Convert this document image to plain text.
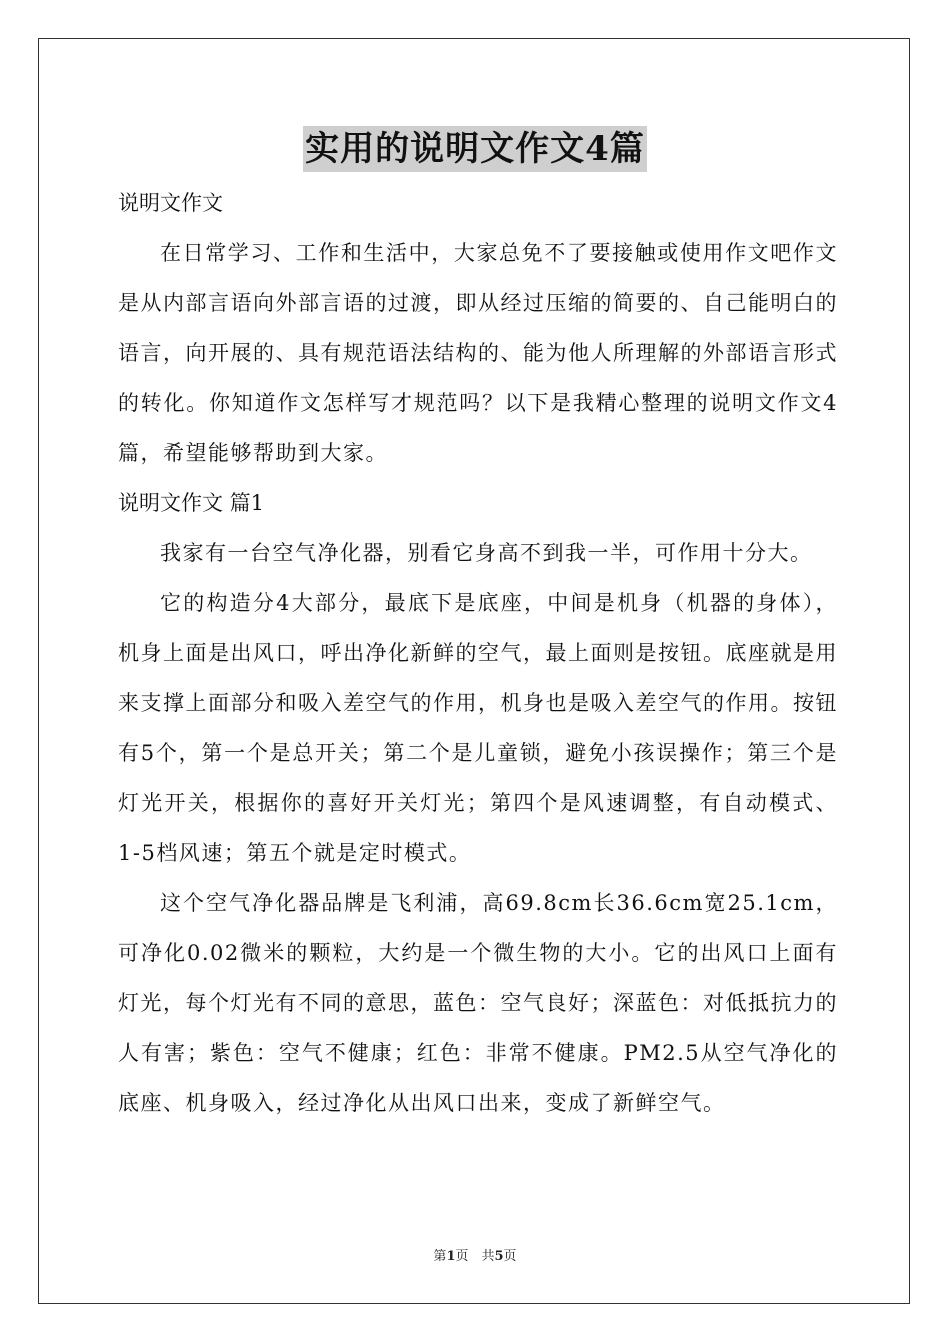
实用的说明文作文4篇

说明文作文

在日常学习、工作和生活中，大家总免不了要接触或使用作文吧作文是从内部言语向外部言语的过渡，即从经过压缩的简要的、自己能明白的语言，向开展的、具有规范语法结构的、能为他人所理解的外部语言形式的转化。你知道作文怎样写才规范吗？以下是我精心整理的说明文作文4篇，希望能够帮助到大家。

说明文作文 篇1

我家有一台空气净化器，别看它身高不到我一半，可作用十分大。

它的构造分4大部分，最底下是底座，中间是机身（机器的身体），机身上面是出风口，呼出净化新鲜的空气，最上面则是按钮。底座就是用来支撑上面部分和吸入差空气的作用，机身也是吸入差空气的作用。按钮有5个，第一个是总开关；第二个是儿童锁，避免小孩误操作；第三个是灯光开关，根据你的喜好开关灯光；第四个是风速调整，有自动模式、1-5档风速；第五个就是定时模式。

这个空气净化器品牌是飞利浦，高69.8cm长36.6cm宽25.1cm，可净化0.02微米的颗粒，大约是一个微生物的大小。它的出风口上面有灯光，每个灯光有不同的意思，蓝色：空气良好；深蓝色：对低抵抗力的人有害；紫色：空气不健康；红色：非常不健康。PM2.5从空气净化的底座、机身吸入，经过净化从出风口出来，变成了新鲜空气。

第1页　共5页
